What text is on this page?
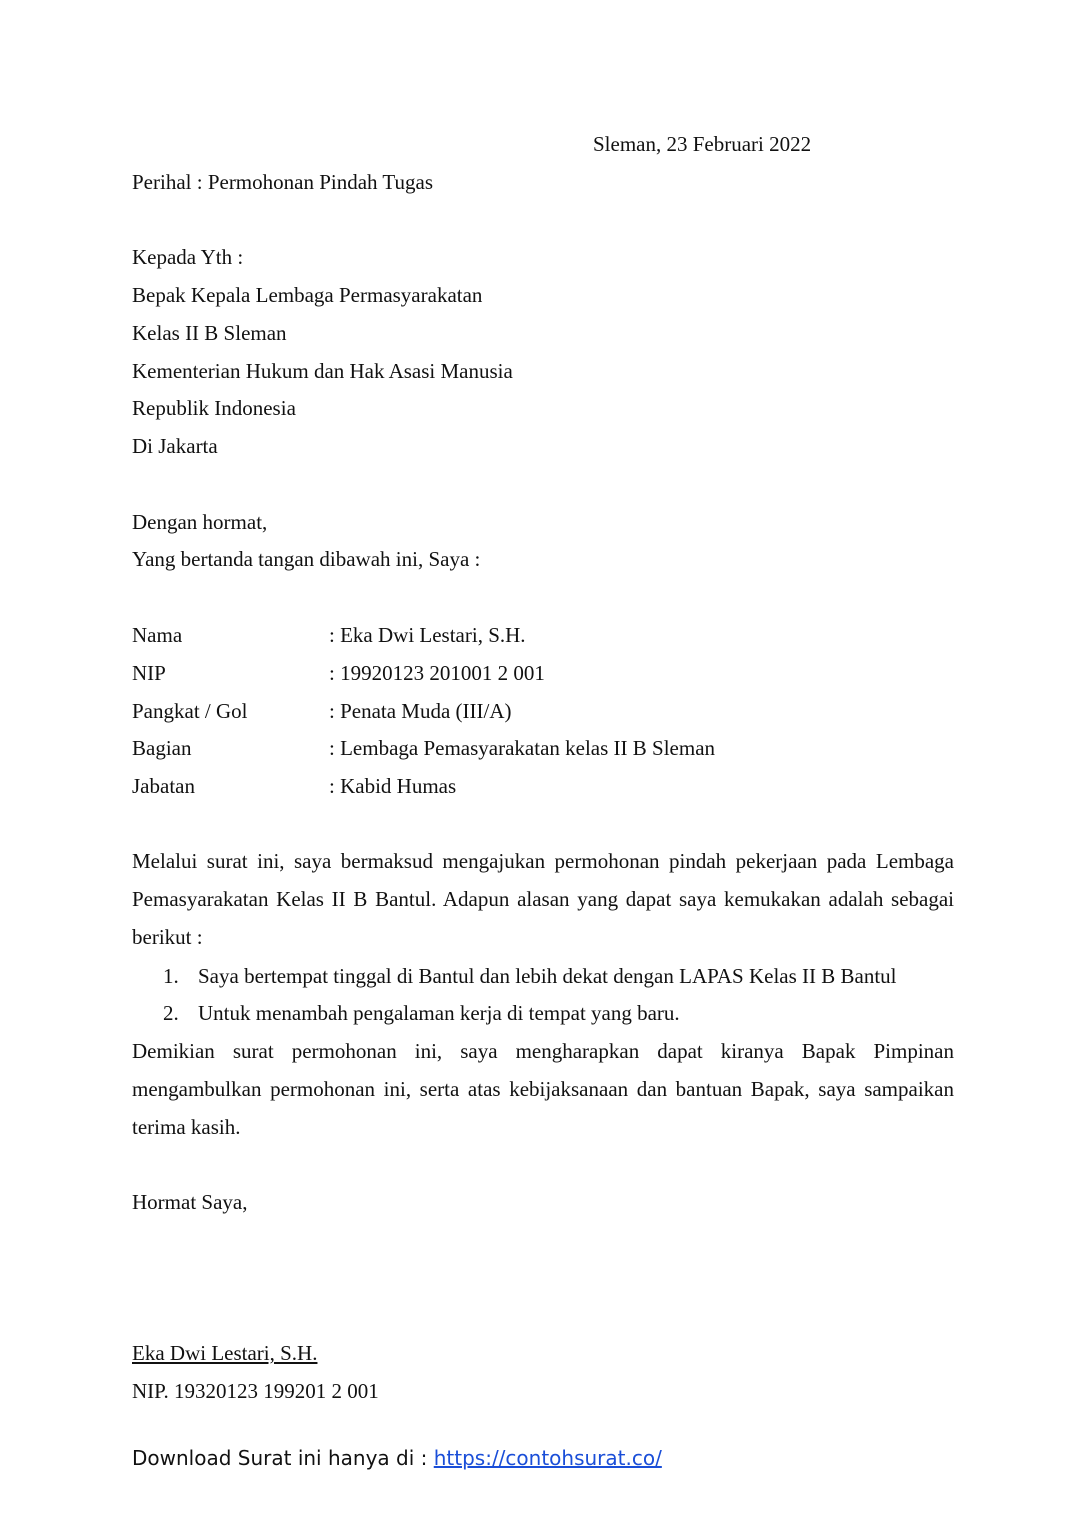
Sleman, 23 Februari 2022
Perihal : Permohonan Pindah Tugas
Kepada Yth :
Bepak Kepala Lembaga Permasyarakatan
Kelas II B Sleman
Kementerian Hukum dan Hak Asasi Manusia
Republik Indonesia
Di Jakarta
Dengan hormat,
Yang bertanda tangan dibawah ini, Saya :
Nama	: Eka Dwi Lestari, S.H.
NIP	: 19920123 201001 2 001
Pangkat / Gol	: Penata Muda (III/A)
Bagian	: Lembaga Pemasyarakatan kelas II B Sleman
Jabatan	: Kabid Humas
Melalui surat ini, saya bermaksud mengajukan permohonan pindah pekerjaan pada Lembaga Pemasyarakatan Kelas II B Bantul. Adapun alasan yang dapat saya kemukakan adalah sebagai berikut :
1. Saya bertempat tinggal di Bantul dan lebih dekat dengan LAPAS Kelas II B Bantul
2. Untuk menambah pengalaman kerja di tempat yang baru.
Demikian surat permohonan ini, saya mengharapkan dapat kiranya Bapak Pimpinan mengambulkan permohonan ini, serta atas kebijaksanaan dan bantuan Bapak, saya sampaikan terima kasih.
Hormat Saya,
Eka Dwi Lestari, S.H.
NIP. 19320123 199201 2 001
Download Surat ini hanya di : https://contohsurat.co/
